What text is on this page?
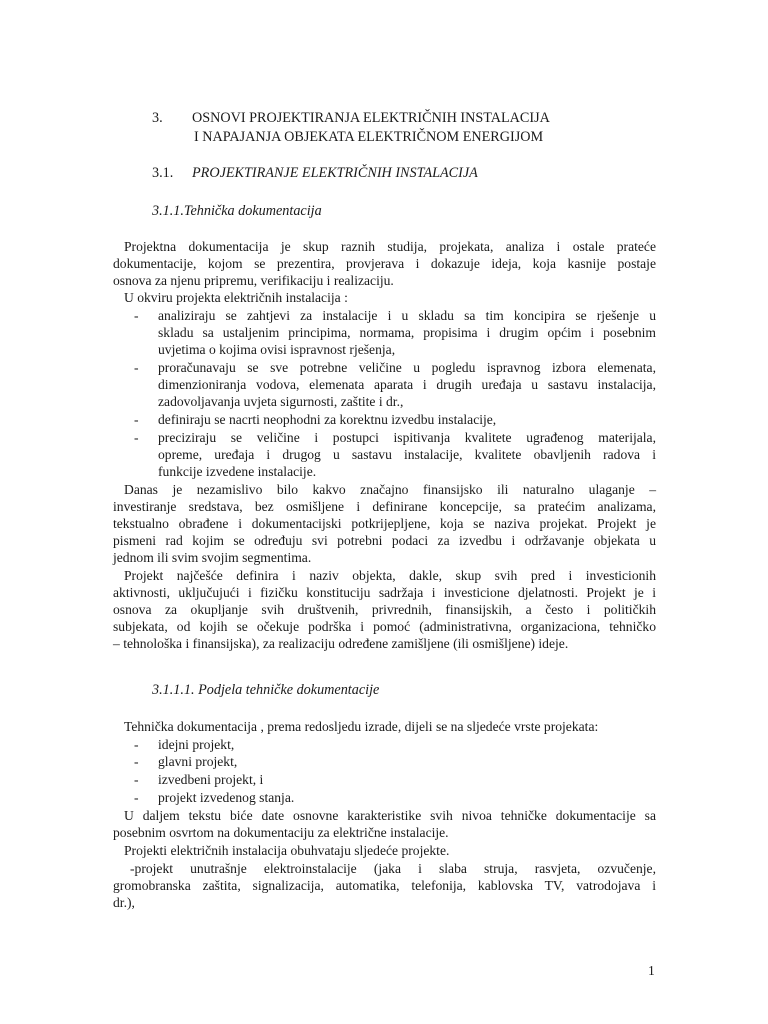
3. OSNOVI PROJEKTIRANJA ELEKTRIČNIH INSTALACIJA
I NAPAJANJA OBJEKATA ELEKTRIČNOM ENERGIJOM
3.1. PROJEKTIRANJE ELEKTRIČNIH INSTALACIJA
3.1.1.Tehnička dokumentacija
Projektna dokumentacija je skup raznih studija, projekata, analiza i ostale prateće
dokumentacije, kojom se prezentira, provjerava i dokazuje ideja, koja kasnije postaje
osnova za njenu pripremu, verifikaciju i realizaciju.
U okviru projekta električnih instalacija :
- analiziraju se zahtjevi za instalacije i u skladu sa tim koncipira se rješenje u
skladu sa ustaljenim principima, normama, propisima i drugim općim i posebnim
uvjetima o kojima ovisi ispravnost rješenja,
- proračunavaju se sve potrebne veličine u pogledu ispravnog izbora elemenata,
dimenzioniranja vodova, elemenata aparata i drugih uređaja u sastavu instalacija,
zadovoljavanja uvjeta sigurnosti, zaštite i dr.,
- definiraju se nacrti neophodni za korektnu izvedbu instalacije,
- preciziraju se veličine i postupci ispitivanja kvalitete ugrađenog materijala,
opreme, uređaja i drugog u sastavu instalacije, kvalitete obavljenih radova i
funkcije izvedene instalacije.
Danas je nezamislivo bilo kakvo značajno finansijsko ili naturalno ulaganje –
investiranje sredstava, bez osmišljene i definirane koncepcije, sa pratećim analizama,
tekstualno obrađene i dokumentacijski potkrijepljene, koja se naziva projekat. Projekt je
pismeni rad kojim se određuju svi potrebni podaci za izvedbu i održavanje objekata u
jednom ili svim svojim segmentima.
Projekt najčešće definira i naziv objekta, dakle, skup svih pred i investicionih
aktivnosti, uključujući i fizičku konstituciju sadržaja i investicione djelatnosti. Projekt je i
osnova za okupljanje svih društvenih, privrednih, finansijskih, a često i političkih
subjekata, od kojih se očekuje podrška i pomoć (administrativna, organizaciona, tehničko
– tehnološka i finansijska), za realizaciju određene zamišljene (ili osmišljene) ideje.
3.1.1.1. Podjela tehničke dokumentacije
Tehnička dokumentacija , prema redosljedu izrade, dijeli se na sljedeće vrste projekata:
- idejni projekt,
- glavni projekt,
- izvedbeni projekt, i
- projekt izvedenog stanja.
U daljem tekstu biće date osnovne karakteristike svih nivoa tehničke dokumentacije sa
posebnim osvrtom na dokumentaciju za električne instalacije.
Projekti električnih instalacija obuhvataju sljedeće projekte.
-projekt unutrašnje elektroinstalacije (jaka i slaba struja, rasvjeta, ozvučenje,
gromobranska zaštita, signalizacija, automatika, telefonija, kablovska TV, vatrodojava i
dr.),
1
